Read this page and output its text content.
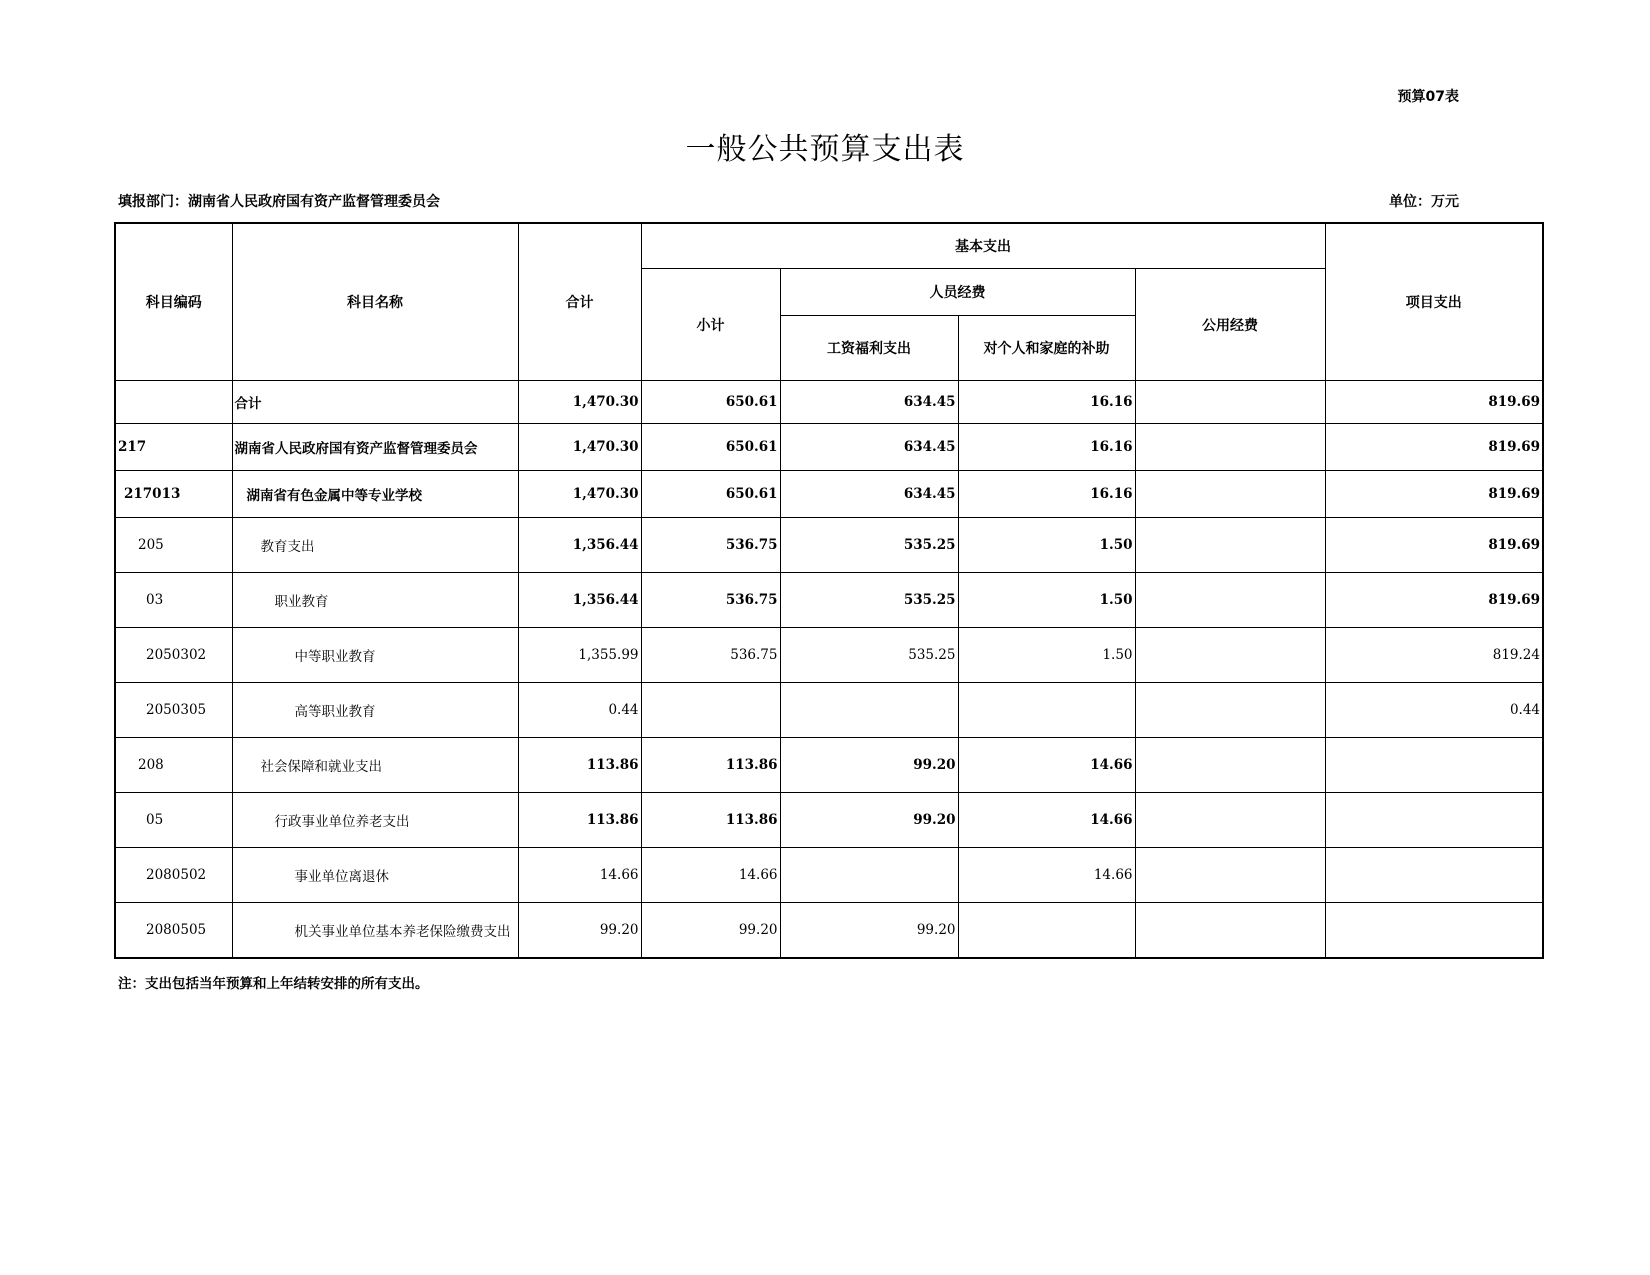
预算07表
一般公共预算支出表
填报部门：湖南省人民政府国有资产监督管理委员会	单位：万元
科目编码	科目名称	合计	基本支出				项目支出
			小计	人员经费		公用经费	
				工资福利支出	对个人和家庭的补助		
	合计	1,470.30	650.61	634.45	16.16		819.69
217	湖南省人民政府国有资产监督管理委员会	1,470.30	650.61	634.45	16.16		819.69
217013	湖南省有色金属中等专业学校	1,470.30	650.61	634.45	16.16		819.69
205	教育支出	1,356.44	536.75	535.25	1.50		819.69
03	职业教育	1,356.44	536.75	535.25	1.50		819.69
2050302	中等职业教育	1,355.99	536.75	535.25	1.50		819.24
2050305	高等职业教育	0.44					0.44
208	社会保障和就业支出	113.86	113.86	99.20	14.66		
05	行政事业单位养老支出	113.86	113.86	99.20	14.66		
2080502	事业单位离退休	14.66	14.66		14.66		
2080505	机关事业单位基本养老保险缴费支出	99.20	99.20	99.20			
注：支出包括当年预算和上年结转安排的所有支出。
